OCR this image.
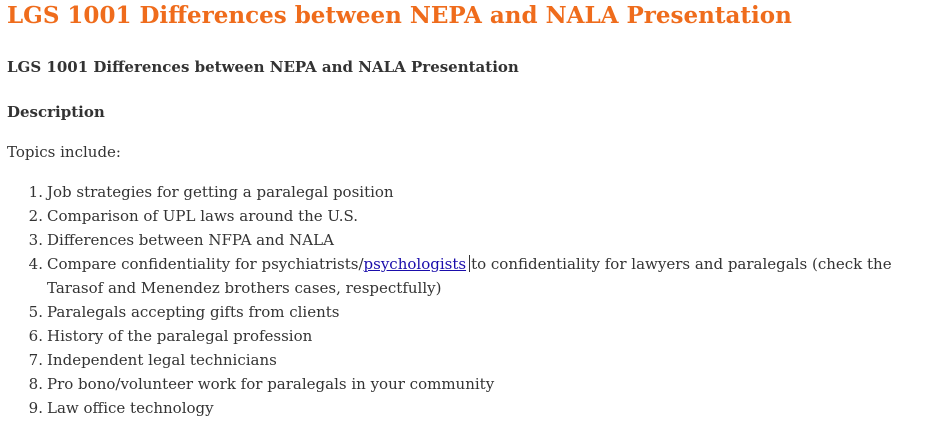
LGS 1001 Differences between NEPA and NALA Presentation
LGS 1001 Differences between NEPA and NALA Presentation
Description

Topics include:

Job strategies for getting a paralegal position
Comparison of UPL laws around the U.S.
Differences between NFPA and NALA
Compare confidentiality for psychiatrists/psychologists to confidentiality for lawyers and paralegals (check the Tarasof and Menendez brothers cases, respectfully)
Paralegals accepting gifts from clients
History of the paralegal profession
Independent legal technicians
Pro bono/volunteer work for paralegals in your community
Law office technology
